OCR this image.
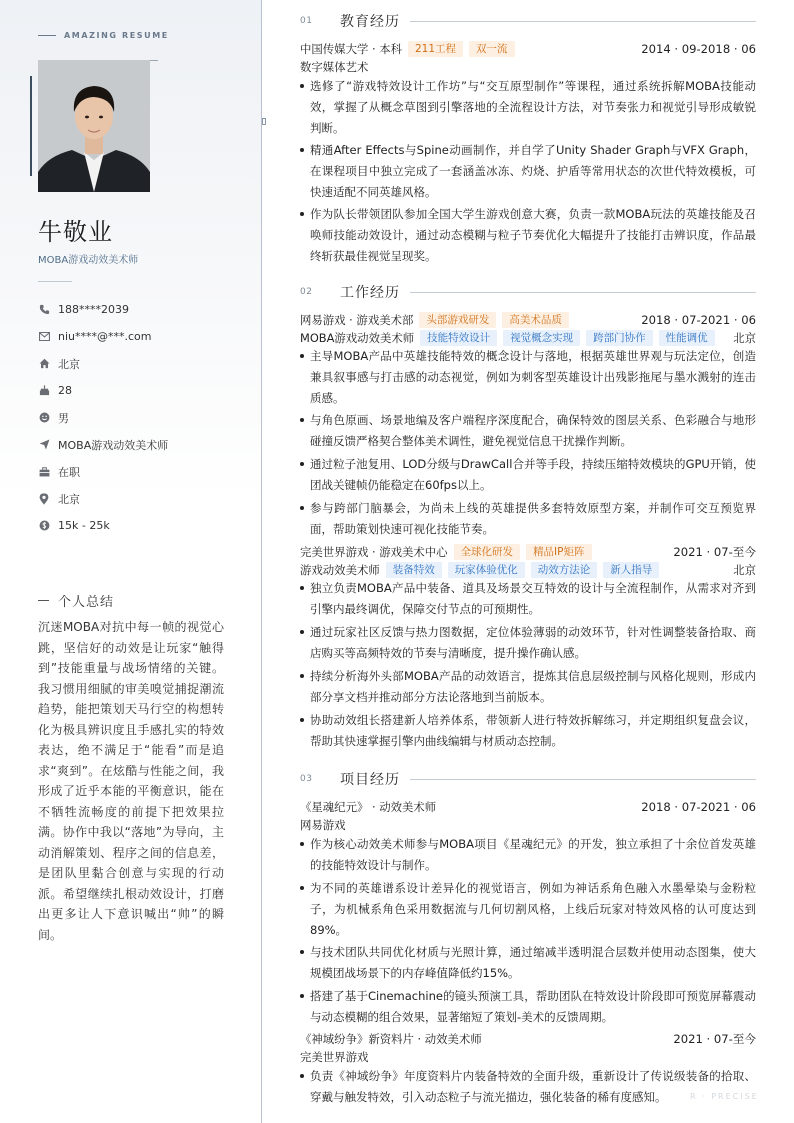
AMAZING RESUME
牛敬业
MOBA游戏动效美术师
188****2039
niu****@***.com
北京
28
男
MOBA游戏动效美术师
在职
北京
15k - 25k
个人总结
沉迷MOBA对抗中每一帧的视觉心跳，坚信好的动效是让玩家“触得到”技能重量与战场情绪的关键。我习惯用细腻的审美嗅觉捕捉潮流趋势，能把策划天马行空的构想转化为极具辨识度且手感扎实的特效表达，绝不满足于“能看”而是追求“爽到”。在炫酷与性能之间，我形成了近乎本能的平衡意识，能在不牺牲流畅度的前提下把效果拉满。协作中我以“落地”为导向，主动消解策划、程序之间的信息差，是团队里黏合创意与实现的行动派。希望继续扎根动效设计，打磨出更多让人下意识喊出“帅”的瞬间。
01	教育经历
中国传媒大学 · 本科	211工程	双一流	2014 · 09-2018 · 06
数字媒体艺术
选修了“游戏特效设计工作坊”与“交互原型制作”等课程，通过系统拆解MOBA技能动效，掌握了从概念草图到引擎落地的全流程设计方法，对节奏张力和视觉引导形成敏锐判断。
精通After Effects与Spine动画制作，并自学了Unity Shader Graph与VFX Graph，在课程项目中独立完成了一套涵盖冰冻、灼烧、护盾等常用状态的次世代特效模板，可快速适配不同英雄风格。
作为队长带领团队参加全国大学生游戏创意大赛，负责一款MOBA玩法的英雄技能及召唤师技能动效设计，通过动态模糊与粒子节奏优化大幅提升了技能打击辨识度，作品最终斩获最佳视觉呈现奖。
02	工作经历
网易游戏 · 游戏美术部	头部游戏研发	高美术品质	2018 · 07-2021 · 06
MOBA游戏动效美术师	技能特效设计	视觉概念实现	跨部门协作	性能调优	北京
主导MOBA产品中英雄技能特效的概念设计与落地，根据英雄世界观与玩法定位，创造兼具叙事感与打击感的动态视觉，例如为刺客型英雄设计出残影拖尾与墨水溅射的连击质感。
与角色原画、场景地编及客户端程序深度配合，确保特效的图层关系、色彩融合与地形碰撞反馈严格契合整体美术调性，避免视觉信息干扰操作判断。
通过粒子池复用、LOD分级与DrawCall合并等手段，持续压缩特效模块的GPU开销，使团战关键帧仍能稳定在60fps以上。
参与跨部门脑暴会，为尚未上线的英雄提供多套特效原型方案，并制作可交互预览界面，帮助策划快速可视化技能节奏。
完美世界游戏 · 游戏美术中心	全球化研发	精品IP矩阵	2021 · 07-至今
游戏动效美术师	装备特效	玩家体验优化	动效方法论	新人指导	北京
独立负责MOBA产品中装备、道具及场景交互特效的设计与全流程制作，从需求对齐到引擎内最终调优，保障交付节点的可预期性。
通过玩家社区反馈与热力图数据，定位体验薄弱的动效环节，针对性调整装备拾取、商店购买等高频特效的节奏与清晰度，提升操作确认感。
持续分析海外头部MOBA产品的动效语言，提炼其信息层级控制与风格化规则，形成内部分享文档并推动部分方法论落地到当前版本。
协助动效组长搭建新人培养体系，带领新人进行特效拆解练习，并定期组织复盘会议，帮助其快速掌握引擎内曲线编辑与材质动态控制。
03	项目经历
《星魂纪元》 · 动效美术师	2018 · 07-2021 · 06
网易游戏
作为核心动效美术师参与MOBA项目《星魂纪元》的开发，独立承担了十余位首发英雄的技能特效设计与制作。
为不同的英雄谱系设计差异化的视觉语言，例如为神话系角色融入水墨晕染与金粉粒子，为机械系角色采用数据流与几何切割风格，上线后玩家对特效风格的认可度达到89%。
与技术团队共同优化材质与光照计算，通过缩减半透明混合层数并使用动态图集，使大规模团战场景下的内存峰值降低约15%。
搭建了基于Cinemachine的镜头预演工具，帮助团队在特效设计阶段即可预览屏幕震动与动态模糊的组合效果，显著缩短了策划-美术的反馈周期。
《神域纷争》新资料片 · 动效美术师	2021 · 07-至今
完美世界游戏
负责《神域纷争》年度资料片内装备特效的全面升级，重新设计了传说级装备的拾取、穿戴与触发特效，引入动态粒子与流光描边，强化装备的稀有度感知。	R · PRECISE
